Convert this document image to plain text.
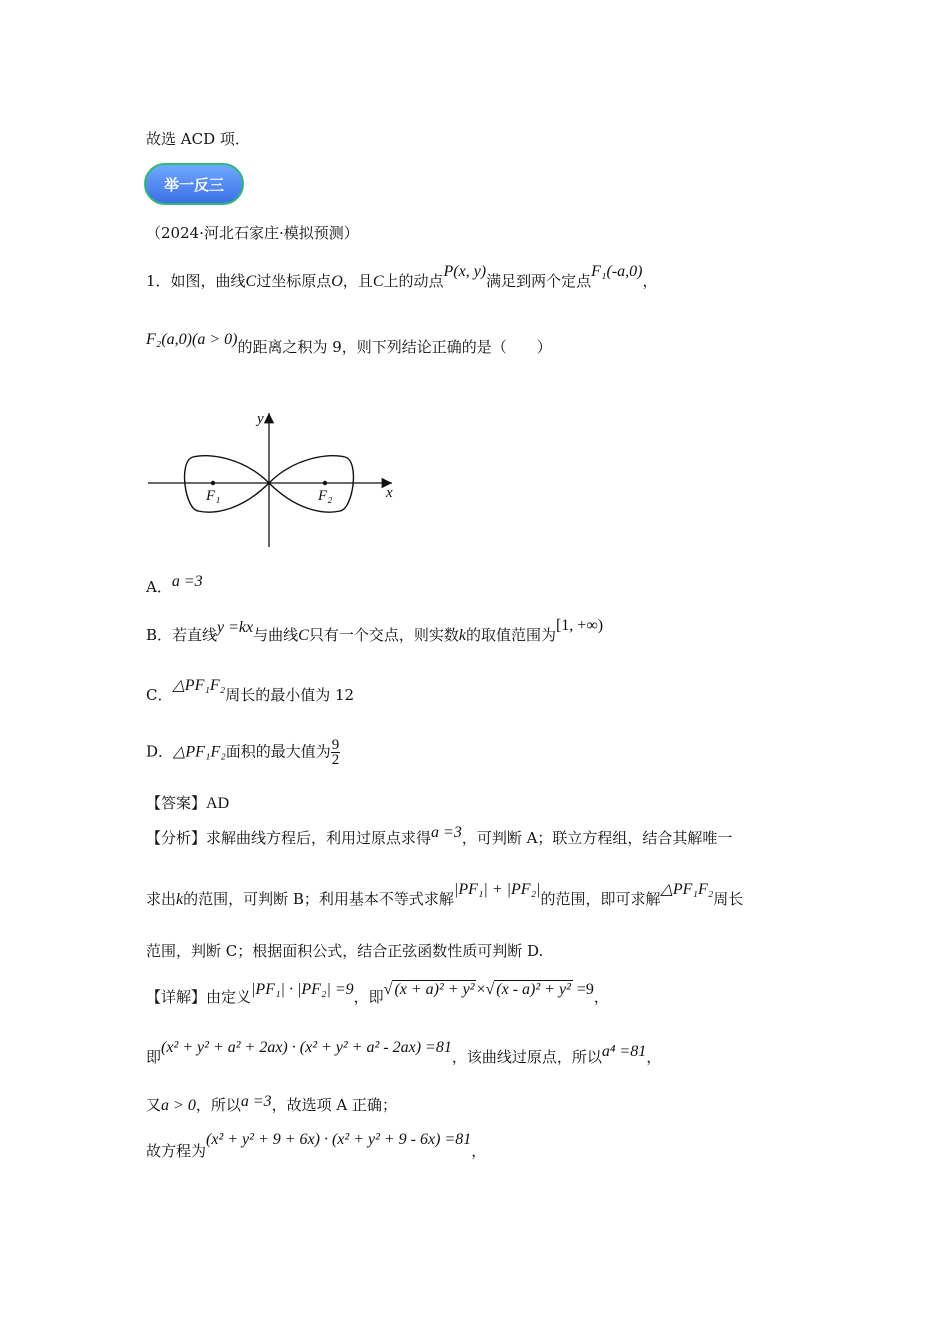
故选 ACD 项．
举一反三
（2024·河北石家庄·模拟预测）
1．如图，曲线C过坐标原点O，且C上的动点P(x, y)满足到两个定点F₁(-a,0)，
F₂(a,0)(a > 0)的距离之积为 9，则下列结论正确的是（　　）
y
x
F₁	F₂
A．a =3
B．若直线y =kx与曲线C只有一个交点，则实数k的取值范围为[1, +∞)
C．△PF₁F₂周长的最小值为 12
D．△PF₁F₂面积的最大值为 $\frac{9}{2}$
【答案】AD
【分析】求解曲线方程后，利用过原点求得a =3，可判断 A；联立方程组，结合其解唯一
求出k的范围，可判断 B；利用基本不等式求解|PF₁| + |PF₂|的范围，即可求解△PF₁F₂周长
范围，判断 C；根据面积公式，结合正弦函数性质可判断 D.
【详解】由定义|PF₁| · |PF₂| =9，即√ (x + a)² + y² ×√ (x - a)² + y² =9，
即(x² + y² + a² + 2ax) · (x² + y² + a² - 2ax) =81，该曲线过原点，所以a⁴ =81，
又a > 0，所以a =3，故选项 A 正确；
故方程为(x² + y² + 9 + 6x) · (x² + y² + 9 - 6x) =81，
